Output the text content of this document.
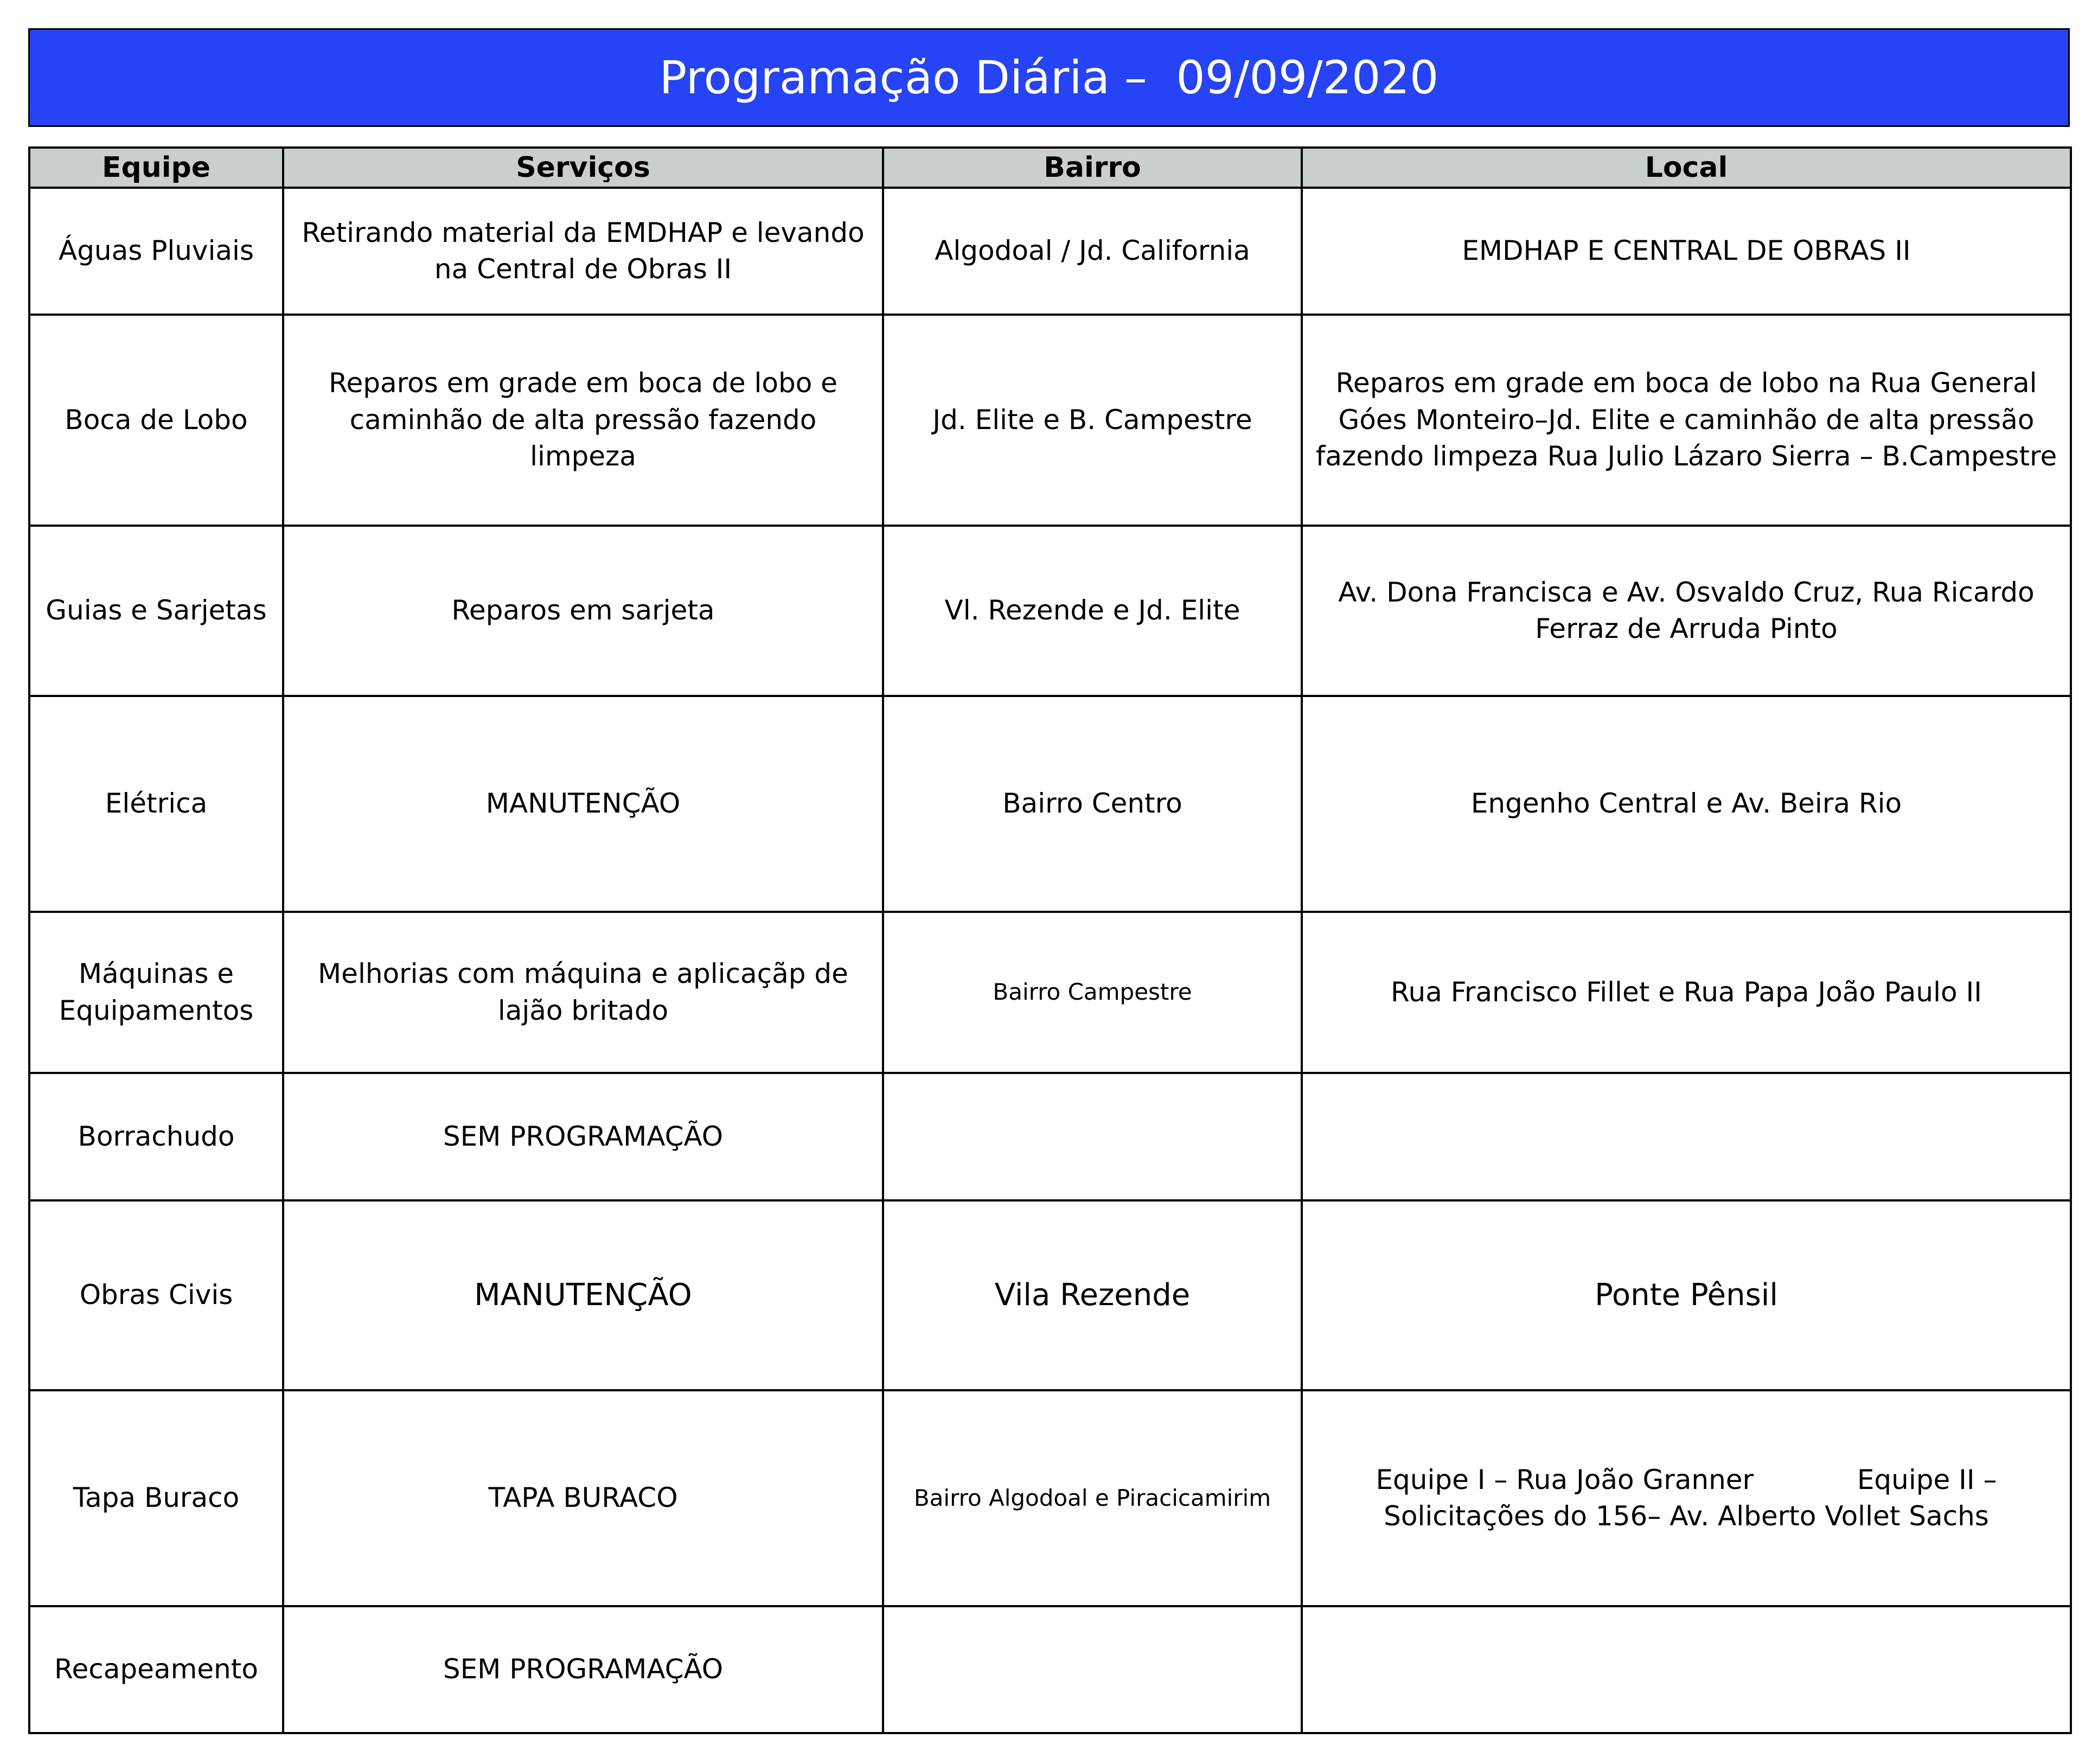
Programação Diária –  09/09/2020
Equipe	Serviços	Bairro	Local
Águas Pluviais	Retirando material da EMDHAP e levando na Central de Obras II	Algodoal / Jd. California	EMDHAP E CENTRAL DE OBRAS II
Boca de Lobo	Reparos em grade em boca de lobo e caminhão de alta pressão fazendo limpeza	Jd. Elite e B. Campestre	Reparos em grade em boca de lobo na Rua General Góes Monteiro–Jd. Elite e caminhão de alta pressão fazendo limpeza Rua Julio Lázaro Sierra – B.Campestre
Guias e Sarjetas	Reparos em sarjeta	Vl. Rezende e Jd. Elite	Av. Dona Francisca e Av. Osvaldo Cruz, Rua Ricardo Ferraz de Arruda Pinto
Elétrica	MANUTENÇÃO	Bairro Centro	Engenho Central e Av. Beira Rio
Máquinas e Equipamentos	Melhorias com máquina e aplicaçãp de lajão britado	Bairro Campestre	Rua Francisco Fillet e Rua Papa João Paulo II
Borrachudo	SEM PROGRAMAÇÃO		
Obras Civis	MANUTENÇÃO	Vila Rezende	Ponte Pênsil
Tapa Buraco	TAPA BURACO	Bairro Algodoal e Piracicamirim	Equipe I – Rua João Granner            Equipe II – Solicitações do 156– Av. Alberto Vollet Sachs
Recapeamento	SEM PROGRAMAÇÃO		
